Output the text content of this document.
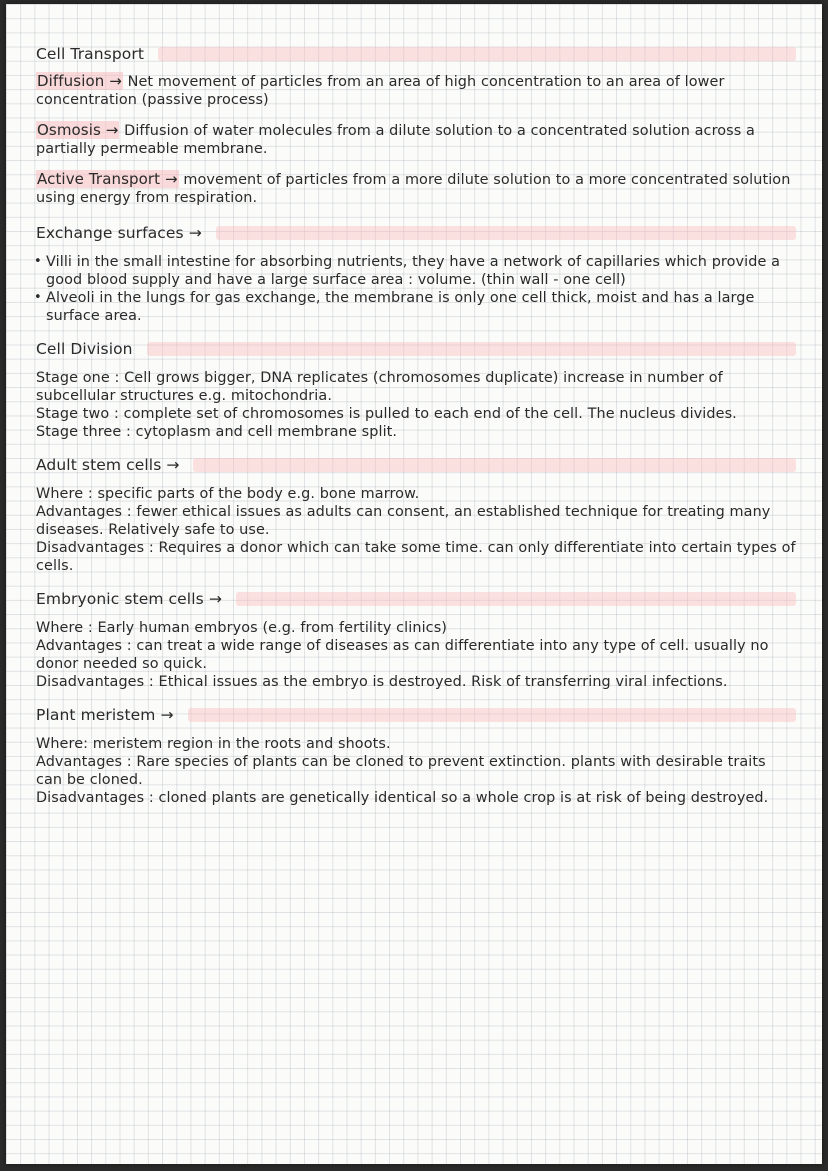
Cell Transport
Diffusion → Net movement of particles from an area of high concentration to an area of lower concentration (passive process)
Osmosis → Diffusion of water molecules from a dilute solution to a concentrated solution across a partially permeable membrane.
Active Transport → movement of particles from a more dilute solution to a more concentrated solution using energy from respiration.
Exchange surfaces →
• Villi in the small intestine for absorbing nutrients, they have a network of capillaries which provide a good blood supply and have a large surface area : volume. (thin wall - one cell)
• Alveoli in the lungs for gas exchange, the membrane is only one cell thick, moist and has a large surface area.
Cell Division
Stage one : Cell grows bigger, DNA replicates (chromosomes duplicate) increase in number of subcellular structures e.g. mitochondria.
Stage two : complete set of chromosomes is pulled to each end of the cell. The nucleus divides.
Stage three : cytoplasm and cell membrane split.
Adult stem cells →
Where : specific parts of the body e.g. bone marrow.
Advantages : fewer ethical issues as adults can consent, an established technique for treating many diseases. Relatively safe to use.
Disadvantages : Requires a donor which can take some time. can only differentiate into certain types of cells.
Embryonic stem cells →
Where : Early human embryos (e.g. from fertility clinics)
Advantages : can treat a wide range of diseases as can differentiate into any type of cell. usually no donor needed so quick.
Disadvantages : Ethical issues as the embryo is destroyed. Risk of transferring viral infections.
Plant meristem →
Where: meristem region in the roots and shoots.
Advantages : Rare species of plants can be cloned to prevent extinction. plants with desirable traits can be cloned.
Disadvantages : cloned plants are genetically identical so a whole crop is at risk of being destroyed.
